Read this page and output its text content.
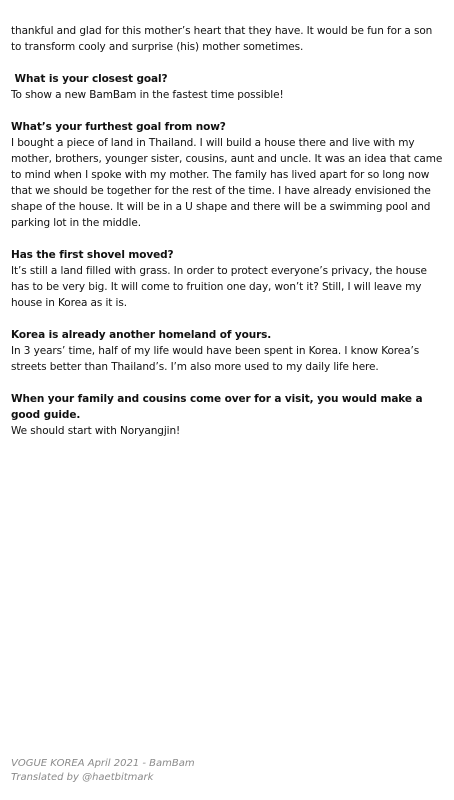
thankful and glad for this mother’s heart that they have. It would be fun for a son to transform cooly and surprise (his) mother sometimes.

What is your closest goal?

To show a new BamBam in the fastest time possible!

What’s your furthest goal from now?

I bought a piece of land in Thailand. I will build a house there and live with my mother, brothers, younger sister, cousins, aunt and uncle. It was an idea that came to mind when I spoke with my mother. The family has lived apart for so long now that we should be together for the rest of the time. I have already envisioned the shape of the house. It will be in a U shape and there will be a swimming pool and parking lot in the middle.

Has the first shovel moved?

It’s still a land filled with grass. In order to protect everyone’s privacy, the house has to be very big. It will come to fruition one day, won’t it? Still, I will leave my house in Korea as it is.

Korea is already another homeland of yours.

In 3 years’ time, half of my life would have been spent in Korea. I know Korea’s streets better than Thailand’s. I’m also more used to my daily life here.

When your family and cousins come over for a visit, you would make a good guide.

We should start with Noryangjin!

VOGUE KOREA April 2021 - BamBam
Translated by @haetbitmark
